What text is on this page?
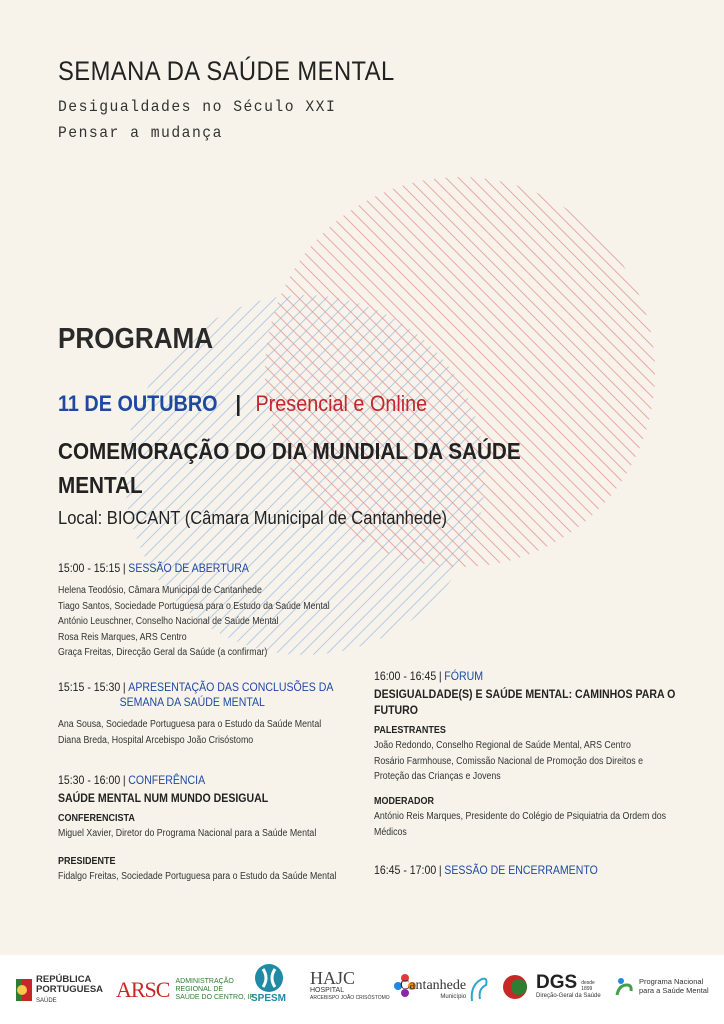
SEMANA DA SAÚDE MENTAL
Desigualdades no Século XXI
Pensar a mudança
PROGRAMA
11 DE OUTUBRO | Presencial e Online
COMEMORAÇÃO DO DIA MUNDIAL DA SAÚDE
MENTAL
Local: BIOCANT (Câmara Municipal de Cantanhede)
15:00 - 15:15 | SESSÃO DE ABERTURA
Helena Teodósio, Câmara Municipal de Cantanhede
Tiago Santos, Sociedade Portuguesa para o Estudo da Saúde Mental
António Leuschner, Conselho Nacional de Saúde Mental
Rosa Reis Marques, ARS Centro
Graça Freitas, Direcção Geral da Saúde (a confirmar)
15:15 - 15:30 | APRESENTAÇÃO DAS CONCLUSÕES DA
SEMANA DA SAÚDE MENTAL
Ana Sousa, Sociedade Portuguesa para o Estudo da Saúde Mental
Diana Breda, Hospital Arcebispo João Crisóstomo
15:30 - 16:00 | CONFERÊNCIA
SAÚDE MENTAL NUM MUNDO DESIGUAL
CONFERENCISTA
Miguel Xavier, Diretor do Programa Nacional para a Saúde Mental
PRESIDENTE
Fidalgo Freitas, Sociedade Portuguesa para o Estudo da Saúde Mental
16:00 - 16:45 | FÓRUM
DESIGUALDADE(S) E SAÚDE MENTAL: CAMINHOS PARA O
FUTURO
PALESTRANTES
João Redondo, Conselho Regional de Saúde Mental, ARS Centro
Rosário Farmhouse, Comissão Nacional de Promoção dos Direitos e
Proteção das Crianças e Jovens
MODERADOR
António Reis Marques, Presidente do Colégio de Psiquiatria da Ordem dos
Médicos
16:45 - 17:00 | SESSÃO DE ENCERRAMENTO
REPÚBLICA
PORTUGUESA
SAÚDE	ARSC ADMINISTRAÇÃO
REGIONAL DE
SAÚDE DO CENTRO, IP
SPESM
HAJC
HOSPITAL
ARCEBISPO JOÃO CRISÓSTOMO
Cantanhede
Município
DGS desde 1899
Direção-Geral da Saúde
Programa Nacional
para a Saúde Mental
